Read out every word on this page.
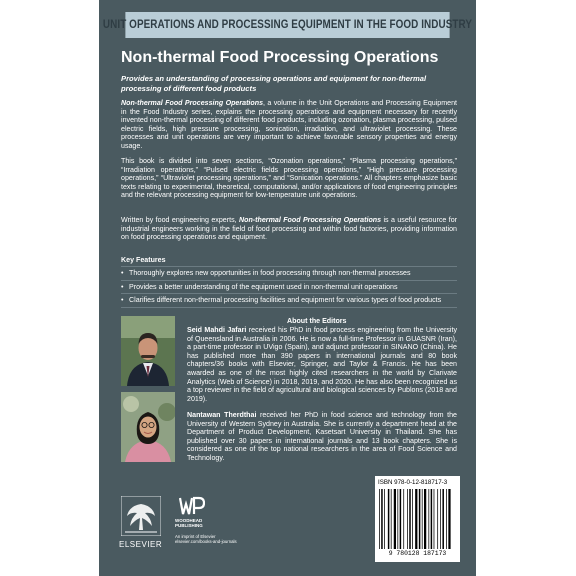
UNIT OPERATIONS AND PROCESSING EQUIPMENT IN THE FOOD INDUSTRY
Non-thermal Food Processing Operations
Provides an understanding of processing operations and equipment for non-thermal processing of different food products

Non-thermal Food Processing Operations, a volume in the Unit Operations and Processing Equipment in the Food Industry series, explains the processing operations and equipment necessary for recently invented non-thermal processing of different food products, including ozonation, plasma processing, pulsed electric fields, high pressure processing, sonication, irradiation, and ultraviolet processing. These processes and unit operations are very important to achieve favorable sensory properties and energy usage.

This book is divided into seven sections, “Ozonation operations,” “Plasma processing operations,” “Irradiation operations,” “Pulsed electric fields processing operations,” “High pressure processing operations,” “Ultraviolet processing operations,” and “Sonication operations.” All chapters emphasize basic texts relating to experimental, theoretical, computational, and/or applications of food engineering principles and the relevant processing equipment for low-temperature unit operations.

Written by food engineering experts, Non-thermal Food Processing Operations is a useful resource for industrial engineers working in the field of food processing and within food factories, providing information on food processing operations and equipment.

Key Features
• Thoroughly explores new opportunities in food processing through non-thermal processes
• Provides a better understanding of the equipment used in non-thermal unit operations
• Clarifies different non-thermal processing facilities and equipment for various types of food products
About the Editors

Seid Mahdi Jafari received his PhD in food process engineering from the University of Queensland in Australia in 2006. He is now a full-time Professor in GUASNR (Iran), a part-time professor in UVigo (Spain), and adjunct professor in SINANO (China). He has published more than 390 papers in international journals and 80 book chapters/36 books with Elsevier, Springer, and Taylor & Francis. He has been awarded as one of the most highly cited researchers in the world by Clarivate Analytics (Web of Science) in 2018, 2019, and 2020. He has also been recognized as a top reviewer in the field of agricultural and biological sciences by Publons (2018 and 2019).

Nantawan Therdthai received her PhD in food science and technology from the University of Western Sydney in Australia. She is currently a department head at the Department of Product Development, Kasetsart University in Thailand. She has published over 30 papers in international journals and 13 book chapters. She is considered as one of the top national researchers in the area of Food Science and Technology.

ELSEVIER
WOODHEAD
PUBLISHING
An imprint of Elsevier
elsevier.com/books-and-journals
ISBN 978-0-12-818717-3
9 780128 187173
